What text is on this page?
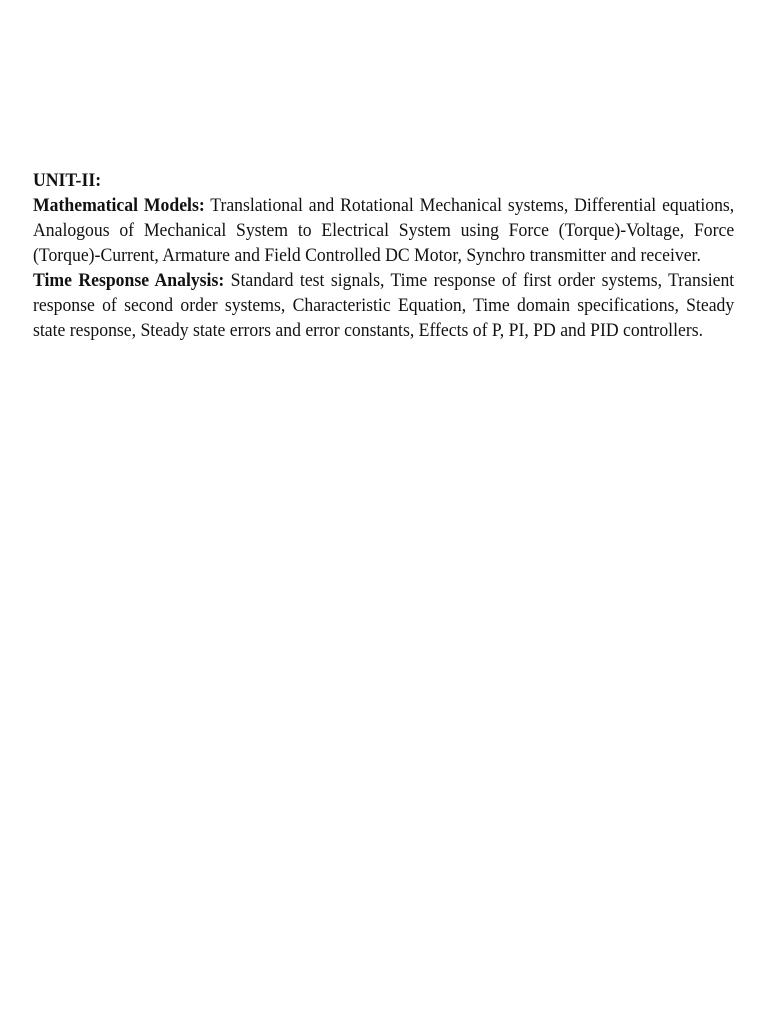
UNIT-II:

Mathematical Models: Translational and Rotational Mechanical systems, Differential equations, Analogous of Mechanical System to Electrical System using Force (Torque)-Voltage, Force (Torque)-Current, Armature and Field Controlled DC Motor, Synchro transmitter and receiver.

Time Response Analysis: Standard test signals, Time response of first order systems, Transient response of second order systems, Characteristic Equation, Time domain specifications, Steady state response, Steady state errors and error constants, Effects of P, PI, PD and PID controllers.
